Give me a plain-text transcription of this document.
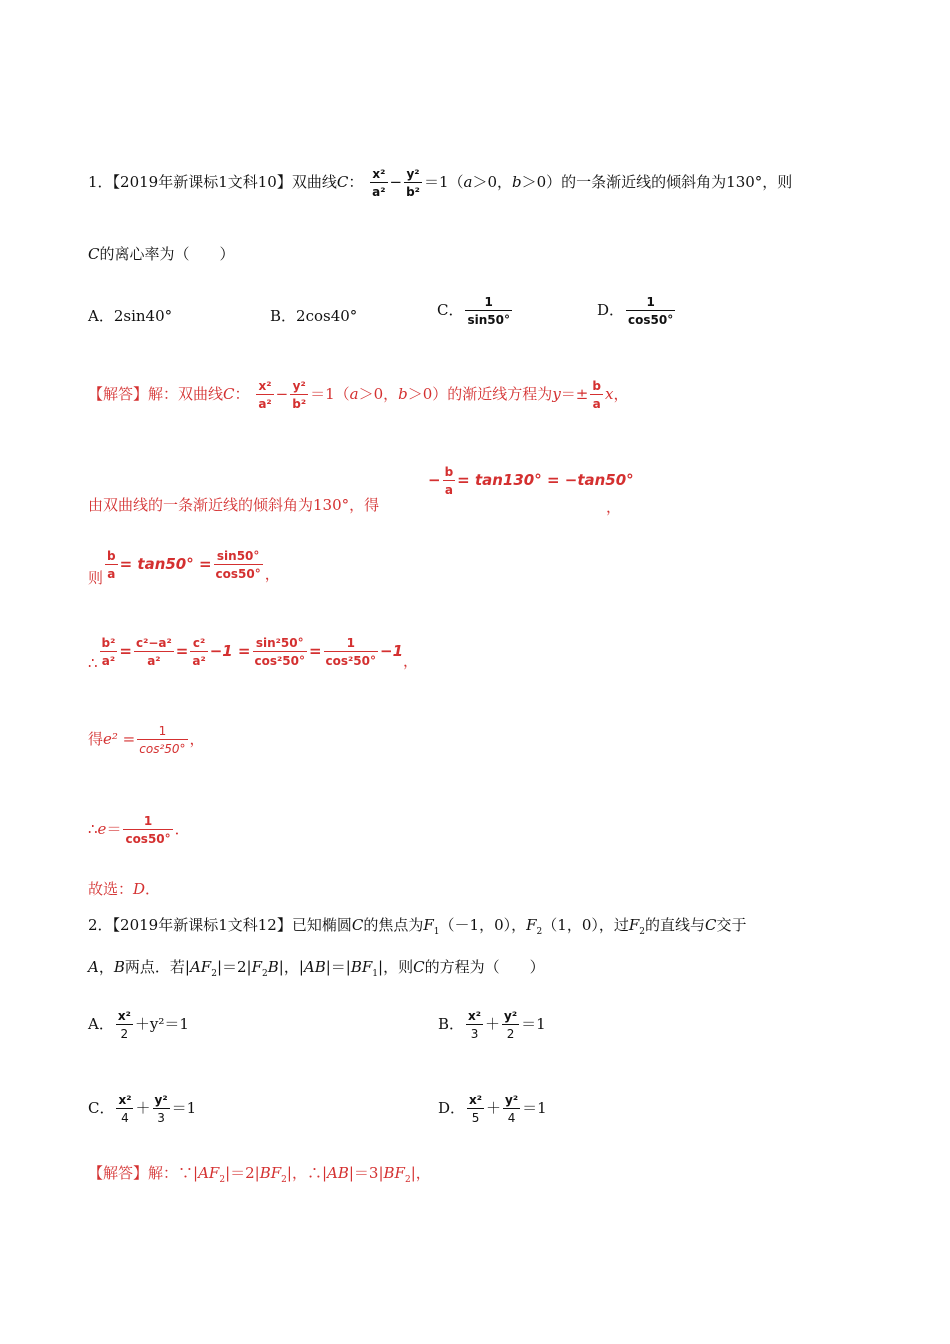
1．【2019年新课标1文科10】双曲线C： $\frac{\text{x²}}{\text{a²}} - \frac{\text{y²}}{\text{b²}} =1(a>0$，b＞0）的一条渐近线的倾斜角为130°，则
C的离心率为（　　）
A．2sin40°	B．2cos40°	C． $\frac{1}{\sin 50^\circ}$	D． $\frac{1}{\cos 50^\circ}$
【解答】解：双曲线C： $\frac{\text{x²}}{\text{a²}} - \frac{\text{y²}}{\text{b²}} =1(a>0$，b＞0）的渐近线方程为$y=\pm \frac{b}{a}$ x，
由双曲线的一条渐近线的倾斜角为130°，得
− $\frac{b}{a} = \tan 130^\circ = -\tan 50^\circ$
，
则 $\frac{b}{a} = \tan 50^\circ = \frac{\sin 50^\circ}{\cos 50^\circ}$ ，
∴ $\frac{\text{b²}}{\text{a²}} = \frac{\text{c²−a²}}{\text{a²}} = \frac{\text{c²}}{\text{a²}} -1 = \frac{\text{sin²50°}}{\text{cos²50°}} = \frac{1}{\text{cos²50°}} -1$，
得$e^2 = \frac{1}{\text{cos²50°}}$ ，
∴e＝ $\frac{1}{\cos 50^\circ}$ ．
故选：D．
2．【2019年新课标1文科12】已知椭圆C的焦点为$F_1(-1$，0），$F_2(1$，0），过$F_2$的直线与C交于
A，B两点．若$|AF_2|=2|F_2B|$，$|AB|=|BF_1|$，则C的方程为（　　）
A． $\frac{\text{x²}}{2} +y^2=1$	B． $\frac{\text{x²}}{3} + \frac{\text{y²}}{2} =1$
C． $\frac{\text{x²}}{4} + \frac{\text{y²}}{3} =1$	D． $\frac{\text{x²}}{5} + \frac{\text{y²}}{4} =1$
【解答】解：$\because|AF_2|=2|BF_2|$，$\therefore|AB|=3|BF_2|$，
